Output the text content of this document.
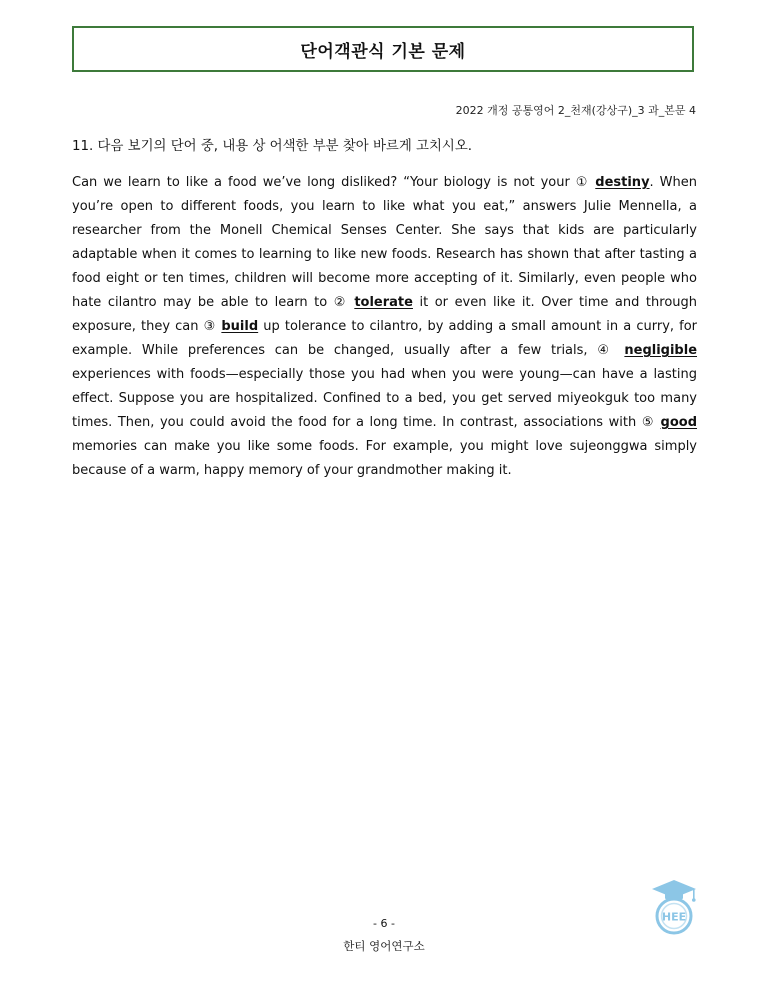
단어객관식 기본 문제
2022 개정 공통영어 2_천재(강상구)_3 과_본문 4
11. 다음 보기의 단어 중, 내용 상 어색한 부분 찾아 바르게 고치시오.

Can we learn to like a food we’ve long disliked? “Your biology is not your ① destiny. When you’re open to different foods, you learn to like what you eat,” answers Julie Mennella, a researcher from the Monell Chemical Senses Center. She says that kids are particularly adaptable when it comes to learning to like new foods. Research has shown that after tasting a food eight or ten times, children will become more accepting of it. Similarly, even people who hate cilantro may be able to learn to ② tolerate it or even like it. Over time and through exposure, they can ③ build up tolerance to cilantro, by adding a small amount in a curry, for example. While preferences can be changed, usually after a few trials, ④ negligible experiences with foods—especially those you had when you were young—can have a lasting effect. Suppose you are hospitalized. Confined to a bed, you get served miyeokguk too many times. Then, you could avoid the food for a long time. In contrast, associations with ⑤ good memories can make you like some foods. For example, you might love sujeonggwa simply because of a warm, happy memory of your grandmother making it.

- 6 -
한티 영어연구소
HEE
